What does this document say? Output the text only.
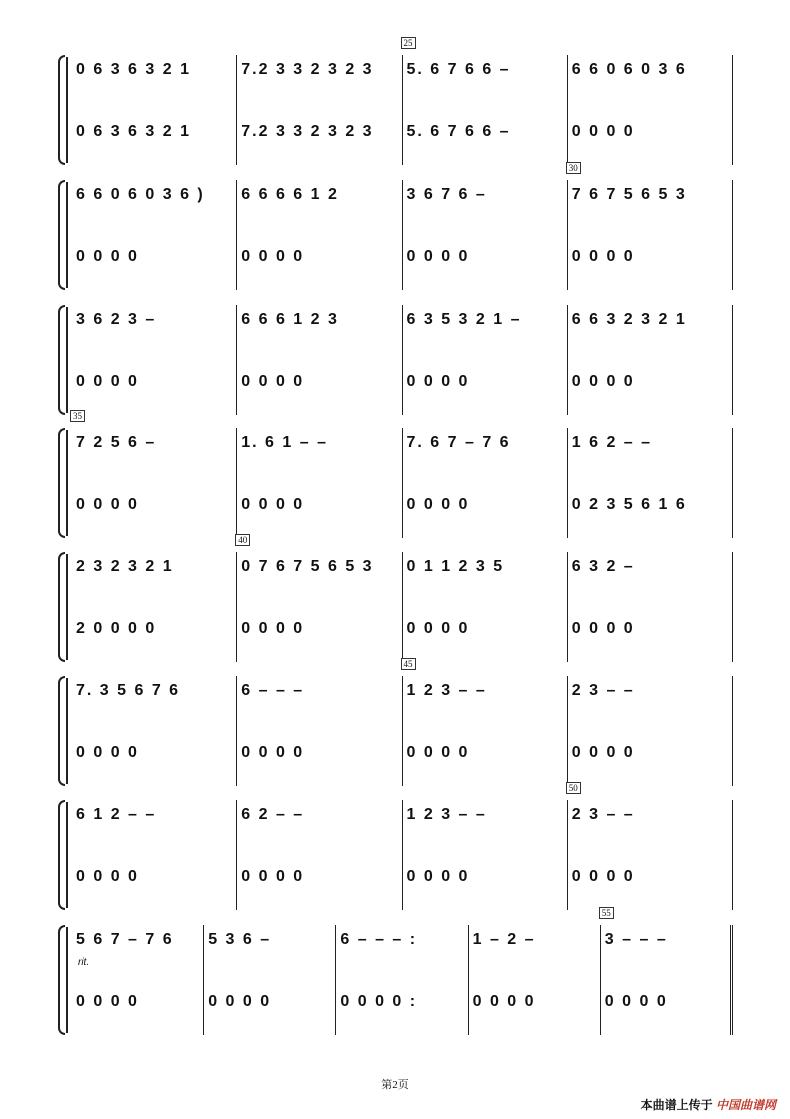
0 6 3 6 3 2 1
0 6 3 6 3 2 1
7.2 3 3 2 3 2 3
7.2 3 3 2 3 2 3
25
5. 6 7 6 6 –
5. 6 7 6 6 –
6 6 0 6 0 3 6
0 0 0 0
6 6 0 6 0 3 6 )
0 0 0 0
6 6 6 6 1 2
0 0 0 0
3 6 7 6 –
0 0 0 0
30
7 6 7 5 6 5 3
0 0 0 0
3 6 2 3 –
0 0 0 0
6 6 6 1 2 3
0 0 0 0
6 3 5 3 2 1 –
0 0 0 0
6 6 3 2 3 2 1
0 0 0 0
35
7 2 5 6 –
0 0 0 0
1. 6 1 – –
0 0 0 0
7. 6 7 – 7 6
0 0 0 0
1 6 2 – –
0 2 3 5 6 1 6
2 3 2 3 2 1
2 0 0 0 0
40
0 7 6 7 5 6 5 3
0 0 0 0
0 1 1 2 3 5
0 0 0 0
6 3 2 –
0 0 0 0
7. 3 5 6 7 6
0 0 0 0
6 – – –
0 0 0 0
45
1 2 3 – –
0 0 0 0
2 3 – –
0 0 0 0
6 1 2 – –
0 0 0 0
6 2 – –
0 0 0 0
1 2 3 – –
0 0 0 0
50
2 3 – –
0 0 0 0
5 6 7 – 7 6
rit.
0 0 0 0
5 3 6 –
0 0 0 0
6 – – – :
0 0 0 0 :
1 – 2 –
0 0 0 0
55
3 – – –
0 0 0 0
第2页
本曲谱上传于 中国曲谱网
